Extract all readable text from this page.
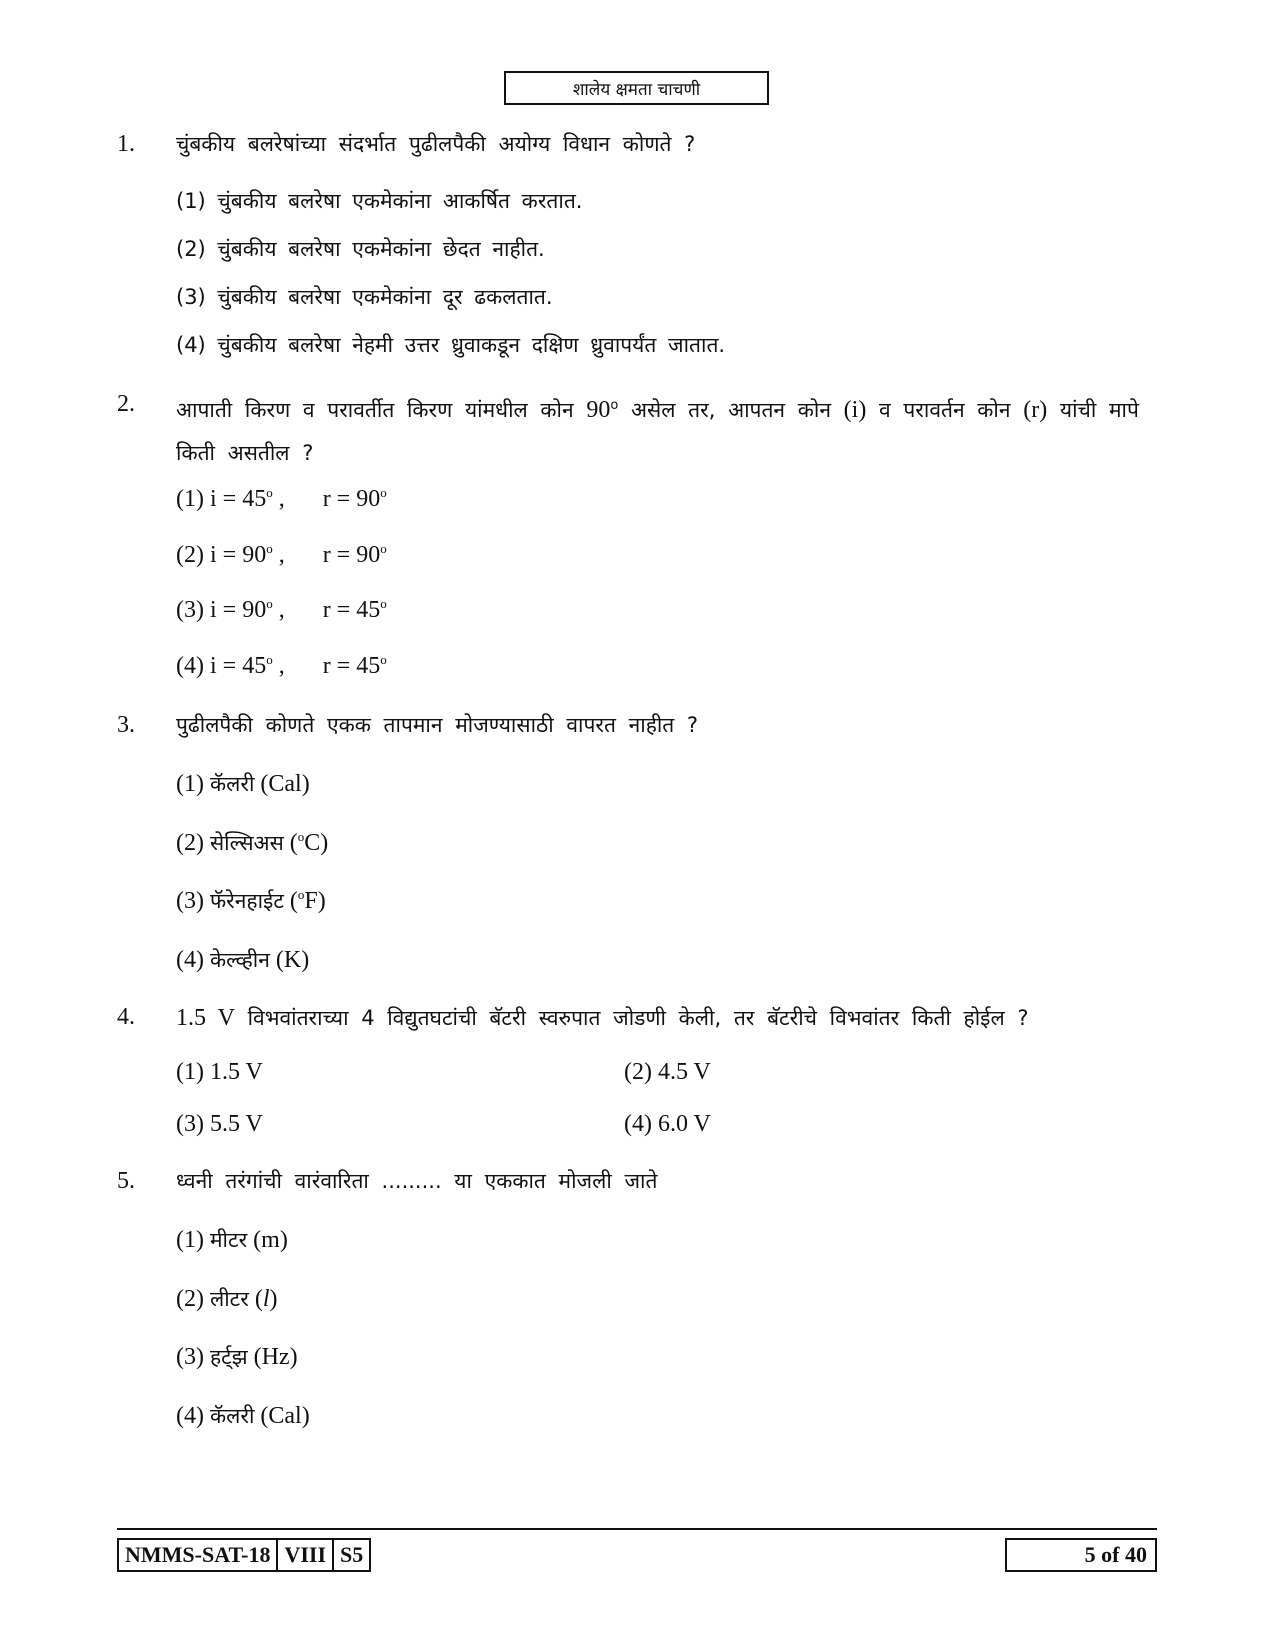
शालेय क्षमता चाचणी
1. चुंबकीय बलरेषांच्या संदर्भात पुढीलपैकी अयोग्य विधान कोणते ?
(1) चुंबकीय बलरेषा एकमेकांना आकर्षित करतात.
(2) चुंबकीय बलरेषा एकमेकांना छेदत नाहीत.
(3) चुंबकीय बलरेषा एकमेकांना दूर ढकलतात.
(4) चुंबकीय बलरेषा नेहमी उत्तर ध्रुवाकडून दक्षिण ध्रुवापर्यंत जातात.
2. आपाती किरण व परावर्तीत किरण यांमधील कोन 90$^o$ असेल तर, आपतन कोन (i) व परावर्तन कोन (r) यांची मापे किती असतील ?
(1) $i = 45^o$ , $r = 90^o$
(2) $i = 90^o$ , $r = 90^o$
(3) $i = 90^o$ , $r = 45^o$
(4) $i = 45^o$ , $r = 45^o$
3. पुढीलपैकी कोणते एकक तापमान मोजण्यासाठी वापरत नाहीत ?
(1) कॅलरी (Cal)
(2) सेल्सिअस ($^o$C)
(3) फॅरेनहाईट ($^o$F)
(4) केल्व्हीन (K)
4. 1.5 V विभवांतराच्या 4 विद्युतघटांची बॅटरी स्वरुपात जोडणी केली, तर बॅटरीचे विभवांतर किती होईल ?
(1) 1.5 V	(2) 4.5 V
(3) 5.5 V	(4) 6.0 V
5. ध्वनी तरंगांची वारंवारिता ......... या एककात मोजली जाते
(1) मीटर (m)
(2) लीटर (l)
(3) हर्ट्झ (Hz)
(4) कॅलरी (Cal)
NMMS-SAT-18 VIII S5	5 of 40
